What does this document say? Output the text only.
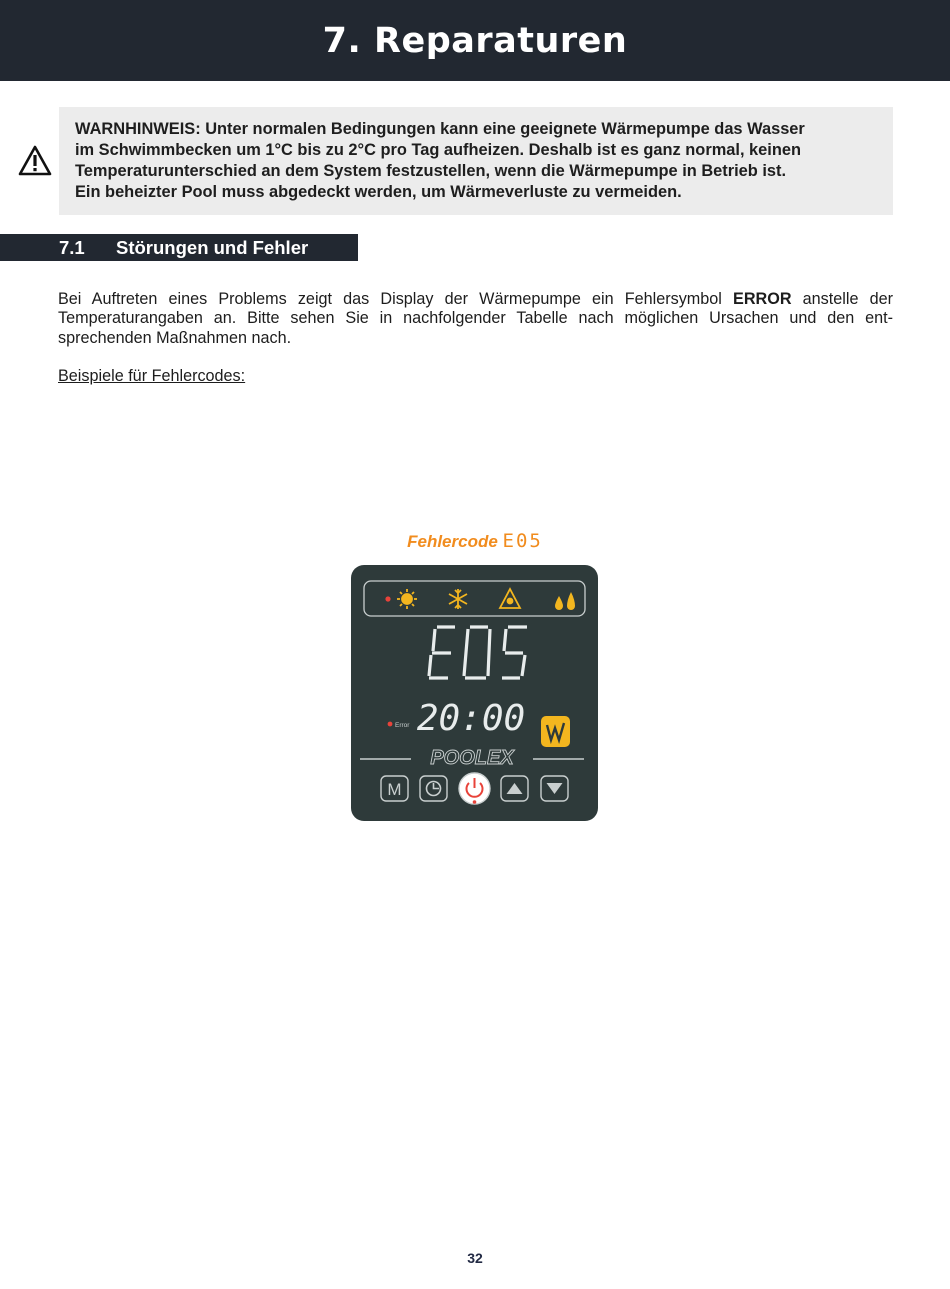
7. Reparaturen

WARNHINWEIS: Unter normalen Bedingungen kann eine geeignete Wärmepumpe das Wasser

im Schwimmbecken um 1°C bis zu 2°C pro Tag aufheizen. Deshalb ist es ganz normal, keinen

Temperaturunterschied an dem System festzustellen, wenn die Wärmepumpe in Betrieb ist.

Ein beheizter Pool muss abgedeckt werden, um Wärmeverluste zu vermeiden.

7.1 Störungen und Fehler
Bei Auftreten eines Problems zeigt das Display der Wärmepumpe ein Fehlersymbol ERROR anstelle der
Temperaturangaben an. Bitte sehen Sie in nachfolgender Tabelle nach möglichen Ursachen und den ent-
sprechenden Maßnahmen nach.

Beispiele für Fehlercodes:

Fehlercode E05
20:00
Error
POOLEX
M
32
